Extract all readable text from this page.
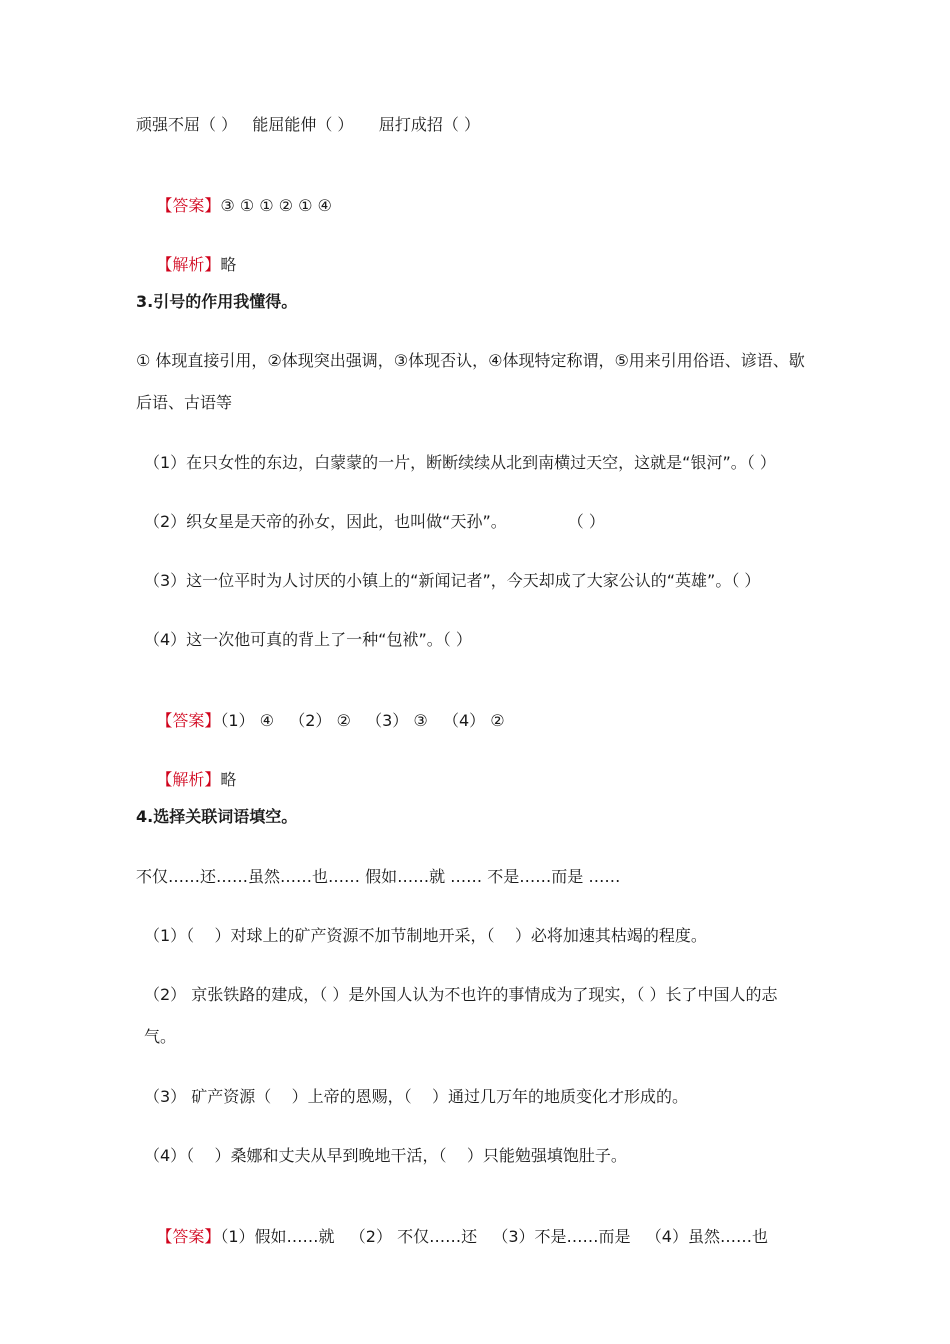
顽强不屈（ ）   能屈能伸（ ）     屈打成招（ ）

【答案】③ ① ① ② ① ④

【解析】略

3.引号的作用我懂得。
① 体现直接引用，②体现突出强调，③体现否认，④体现特定称谓，⑤用来引用俗语、谚语、歇后语、古语等
（1）在只女性的东边，白蒙蒙的一片，断断续续从北到南横过天空，这就是“银河”。（ ）
（2）织女星是天帝的孙女，因此，也叫做“天孙”。            （ ）
（3）这一位平时为人讨厌的小镇上的“新闻记者”，今天却成了大家公认的“英雄”。（ ）
（4）这一次他可真的背上了一种“包袱”。（ ）

【答案】（1） ④   （2） ②   （3） ③   （4） ②

【解析】略

4.选择关联词语填空。
不仅……还……虽然……也…… 假如……就 …… 不是……而是 ……
（1）（    ）对球上的矿产资源不加节制地开采，（    ）必将加速其枯竭的程度。
（2） 京张铁路的建成，（ ）是外国人认为不也许的事情成为了现实，（ ）长了中国人的志气。
（3） 矿产资源（    ）上帝的恩赐，（    ）通过几万年的地质变化才形成的。
（4）（    ）桑娜和丈夫从早到晚地干活，（    ）只能勉强填饱肚子。

【答案】（1）假如……就   （2） 不仅……还   （3）不是……而是   （4）虽然……也
